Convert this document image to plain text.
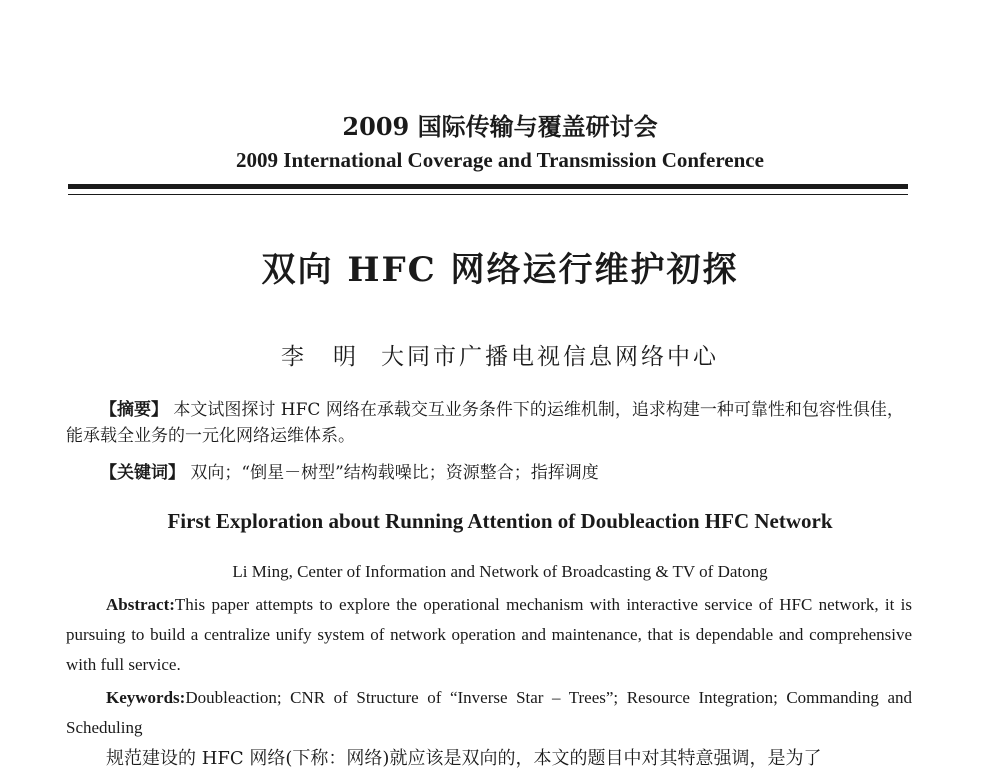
2009 国际传输与覆盖研讨会
2009 International Coverage and Transmission Conference
双向 HFC 网络运行维护初探
李　明 大同市广播电视信息网络中心
【摘要】 本文试图探讨 HFC 网络在承载交互业务条件下的运维机制，追求构建一种可靠性和包容性俱佳，能承载全业务的一元化网络运维体系。
【关键词】 双向；“倒星－树型”结构载噪比；资源整合；指挥调度
First Exploration about Running Attention of Doubleaction HFC Network
Li Ming, Center of Information and Network of Broadcasting & TV of Datong
Abstract:This paper attempts to explore the operational mechanism with interactive service of HFC network, it is pursuing to build a centralize unify system of network operation and maintenance, that is dependable and comprehensive with full service.
Keywords:Doubleaction; CNR of Structure of “Inverse Star – Trees”; Resource Integration; Commanding and Scheduling
规范建设的 HFC 网络(下称：网络)就应该是双向的，本文的题目中对其特意强调，是为了
